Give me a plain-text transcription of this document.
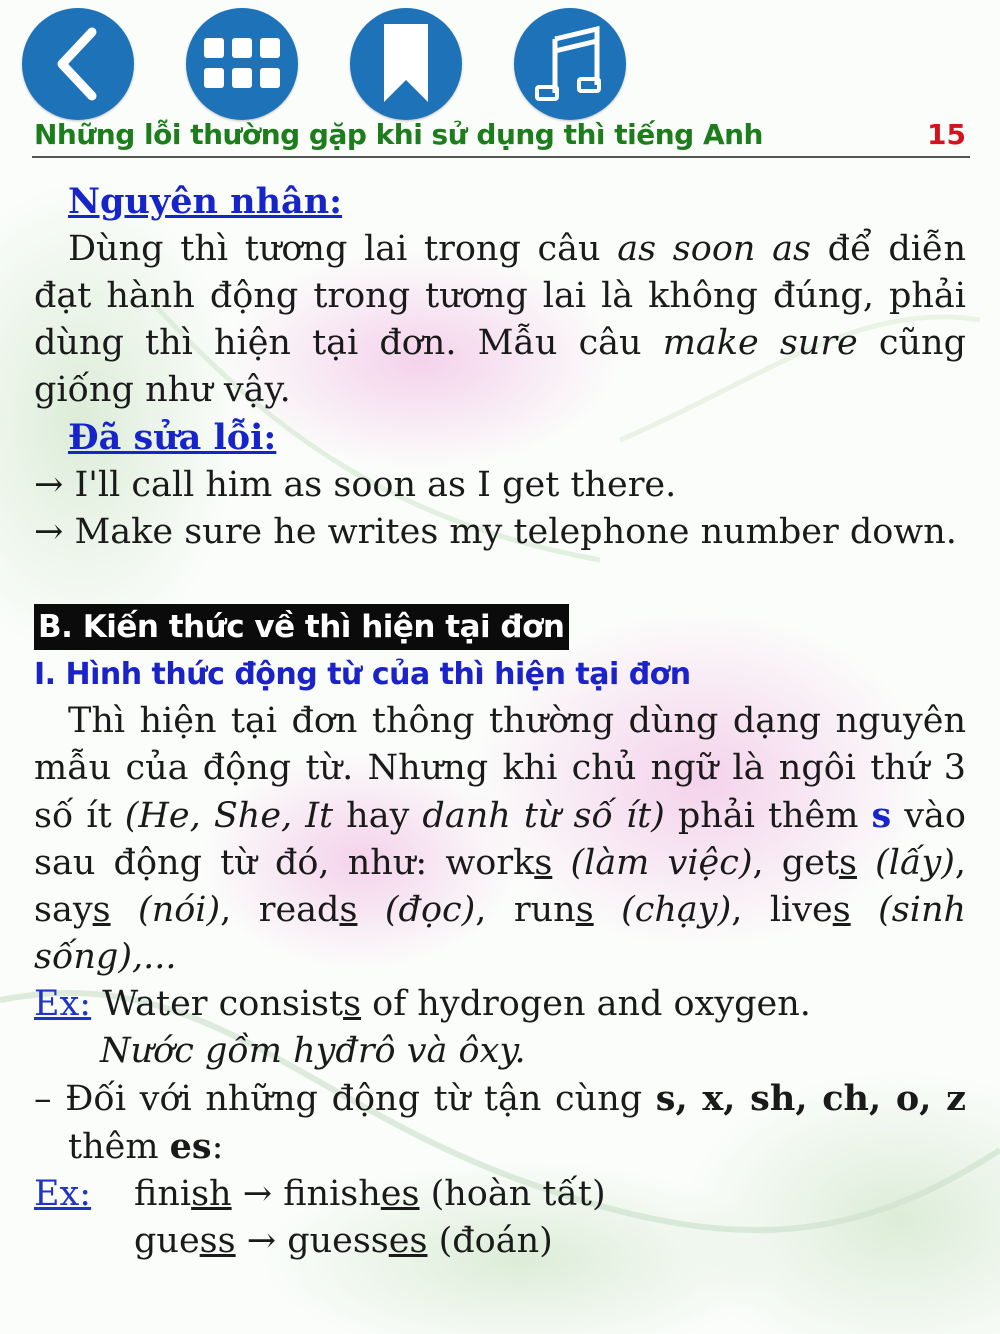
Những lỗi thường gặp khi sử dụng thì tiếng Anh	15
Nguyên nhân:
Dùng thì tương lai trong câu as soon as để diễn
đạt hành động trong tương lai là không đúng, phải
dùng thì hiện tại đơn. Mẫu câu make sure cũng
giống như vậy.
Đã sửa lỗi:
→ I'll call him as soon as I get there.
→ Make sure he writes my telephone number down.
B. Kiến thức về thì hiện tại đơn
I. Hình thức động từ của thì hiện tại đơn
Thì hiện tại đơn thông thường dùng dạng nguyên
mẫu của động từ. Nhưng khi chủ ngữ là ngôi thứ 3
số ít (He, She, It hay danh từ số ít) phải thêm s vào
sau động từ đó, như: works (làm việc), gets (lấy),
says (nói), reads (đọc), runs (chạy), lives (sinh
sống),...
Ex: Water consists of hydrogen and oxygen.
Nước gồm hyđrô và ôxy.
– Đối với những động từ tận cùng s, x, sh, ch, o, z
thêm es:
Ex: finish → finishes (hoàn tất)
guess → guesses (đoán)
